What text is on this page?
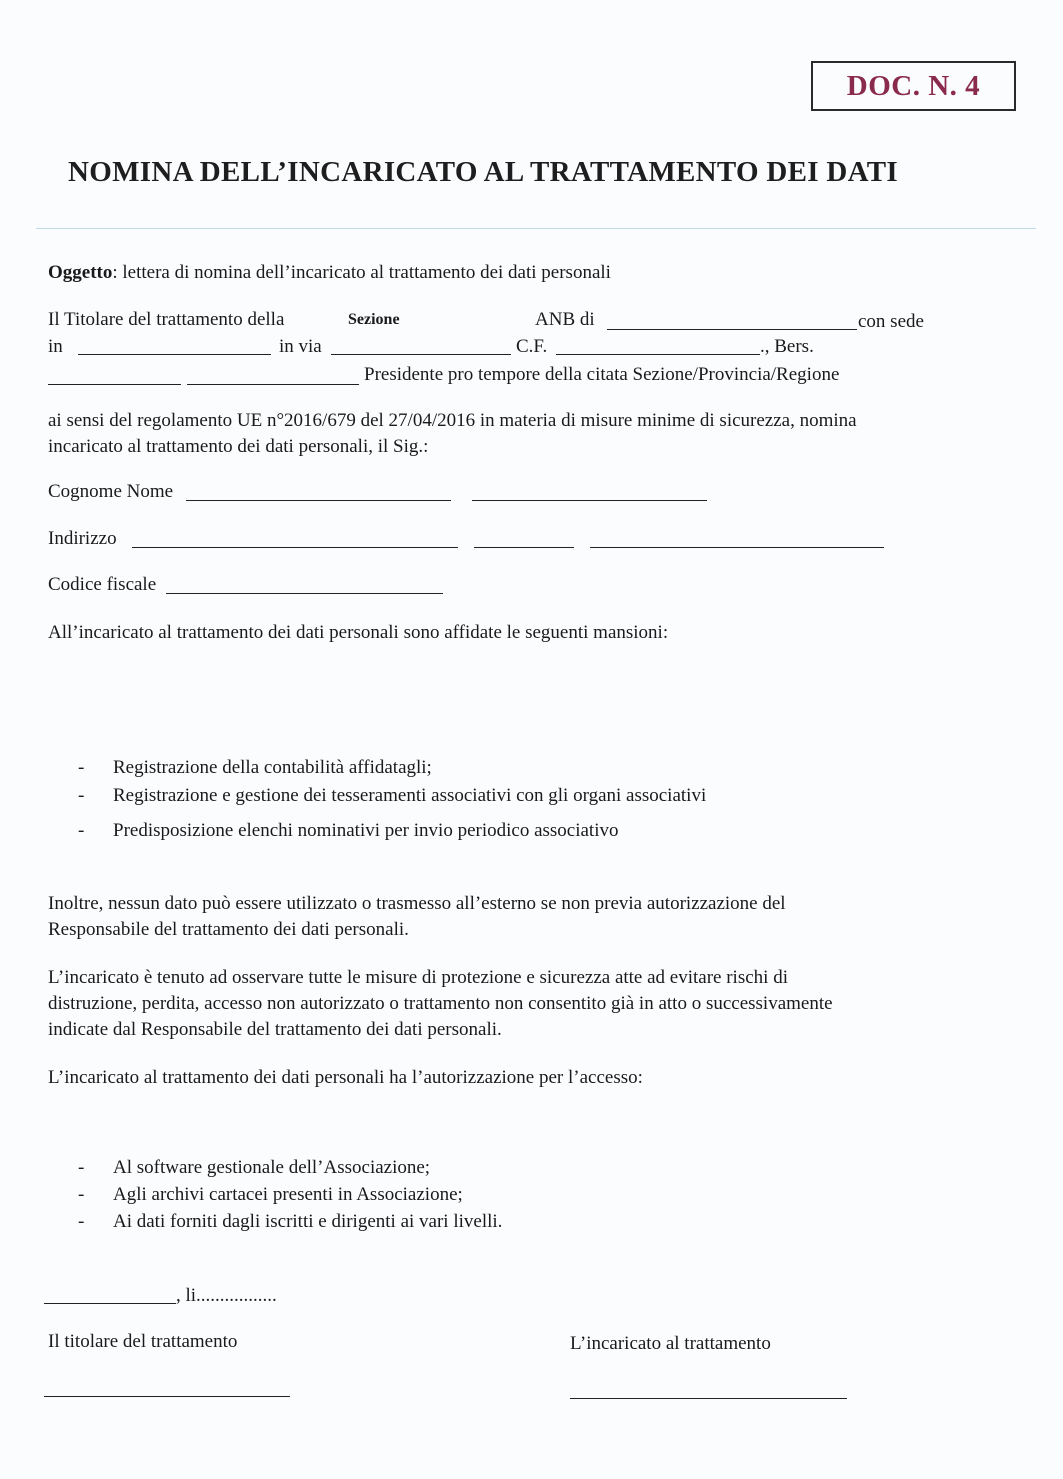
DOC. N. 4
NOMINA DELL’INCARICATO AL TRATTAMENTO DEI DATI
Oggetto: lettera di nomina dell’incaricato al trattamento dei dati personali
Il Titolare del trattamento della	Sezione	ANB di	con sede
in	in via	C.F.	., Bers.
Presidente pro tempore della citata Sezione/Provincia/Regione
ai sensi del regolamento UE n°2016/679 del 27/04/2016 in materia di misure minime di sicurezza, nomina
incaricato al trattamento dei dati personali, il Sig.:
Cognome Nome
Indirizzo
Codice fiscale
All’incaricato al trattamento dei dati personali sono affidate le seguenti mansioni:
- Registrazione della contabilità affidatagli;
- Registrazione e gestione dei tesseramenti associativi con gli organi associativi
- Predisposizione elenchi nominativi per invio periodico associativo
Inoltre, nessun dato può essere utilizzato o trasmesso all’esterno se non previa autorizzazione del
Responsabile del trattamento dei dati personali.
L’incaricato è tenuto ad osservare tutte le misure di protezione e sicurezza atte ad evitare rischi di
distruzione, perdita, accesso non autorizzato o trattamento non consentito già in atto o successivamente
indicate dal Responsabile del trattamento dei dati personali.
L’incaricato al trattamento dei dati personali ha l’autorizzazione per l’accesso:
- Al software gestionale dell’Associazione;
- Agli archivi cartacei presenti in Associazione;
- Ai dati forniti dagli iscritti e dirigenti ai vari livelli.
, li.................
Il titolare del trattamento	L’incaricato al trattamento
